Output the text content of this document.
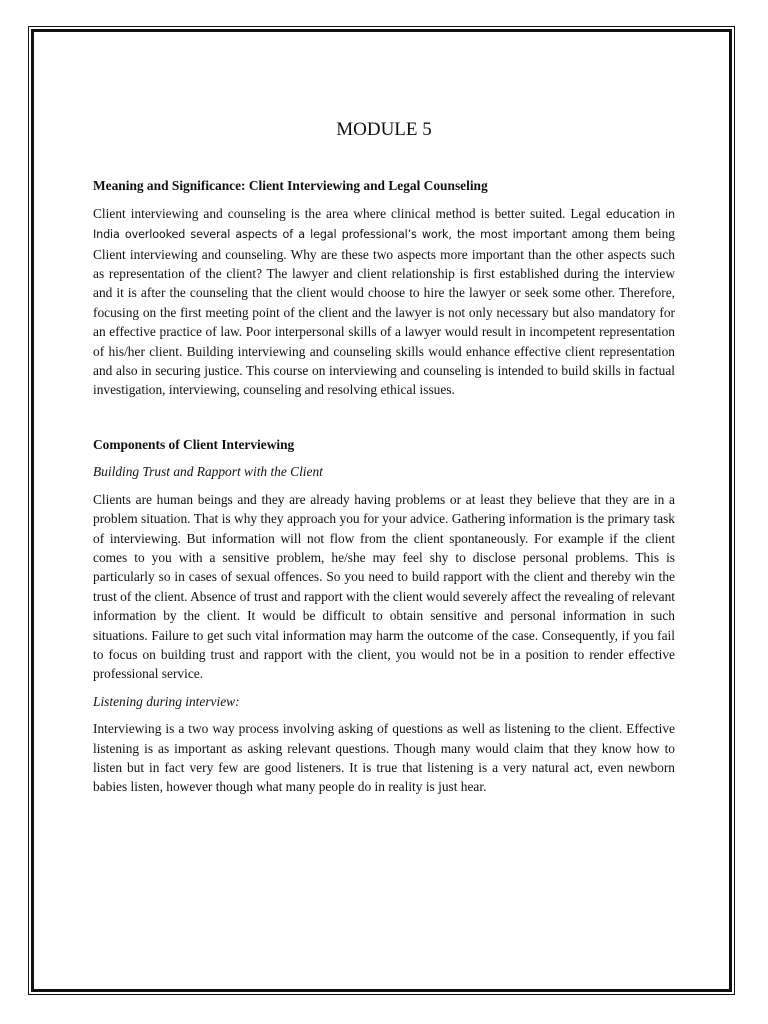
MODULE 5
Meaning and Significance: Client Interviewing and Legal Counseling

Client interviewing and counseling is the area where clinical method is better suited. Legal education in India overlooked several aspects of a legal professional’s work, the most important among them being Client interviewing and counseling. Why are these two aspects more important than the other aspects such as representation of the client? The lawyer and client relationship is first established during the interview and it is after the counseling that the client would choose to hire the lawyer or seek some other. Therefore, focusing on the first meeting point of the client and the lawyer is not only necessary but also mandatory for an effective practice of law. Poor interpersonal skills of a lawyer would result in incompetent representation of his/her client. Building interviewing and counseling skills would enhance effective client representation and also in securing justice. This course on interviewing and counseling is intended to build skills in factual investigation, interviewing, counseling and resolving ethical issues.

Components of Client Interviewing
Building Trust and Rapport with the Client

Clients are human beings and they are already having problems or at least they believe that they are in a problem situation. That is why they approach you for your advice. Gathering information is the primary task of interviewing. But information will not flow from the client spontaneously. For example if the client comes to you with a sensitive problem, he/she may feel shy to disclose personal problems. This is particularly so in cases of sexual offences. So you need to build rapport with the client and thereby win the trust of the client. Absence of trust and rapport with the client would severely affect the revealing of relevant information by the client. It would be difficult to obtain sensitive and personal information in such situations. Failure to get such vital information may harm the outcome of the case. Consequently, if you fail to focus on building trust and rapport with the client, you would not be in a position to render effective professional service.

Listening during interview:

Interviewing is a two way process involving asking of questions as well as listening to the client. Effective listening is as important as asking relevant questions. Though many would claim that they know how to listen but in fact very few are good listeners. It is true that listening is a very natural act, even newborn babies listen, however though what many people do in reality is just hear.
